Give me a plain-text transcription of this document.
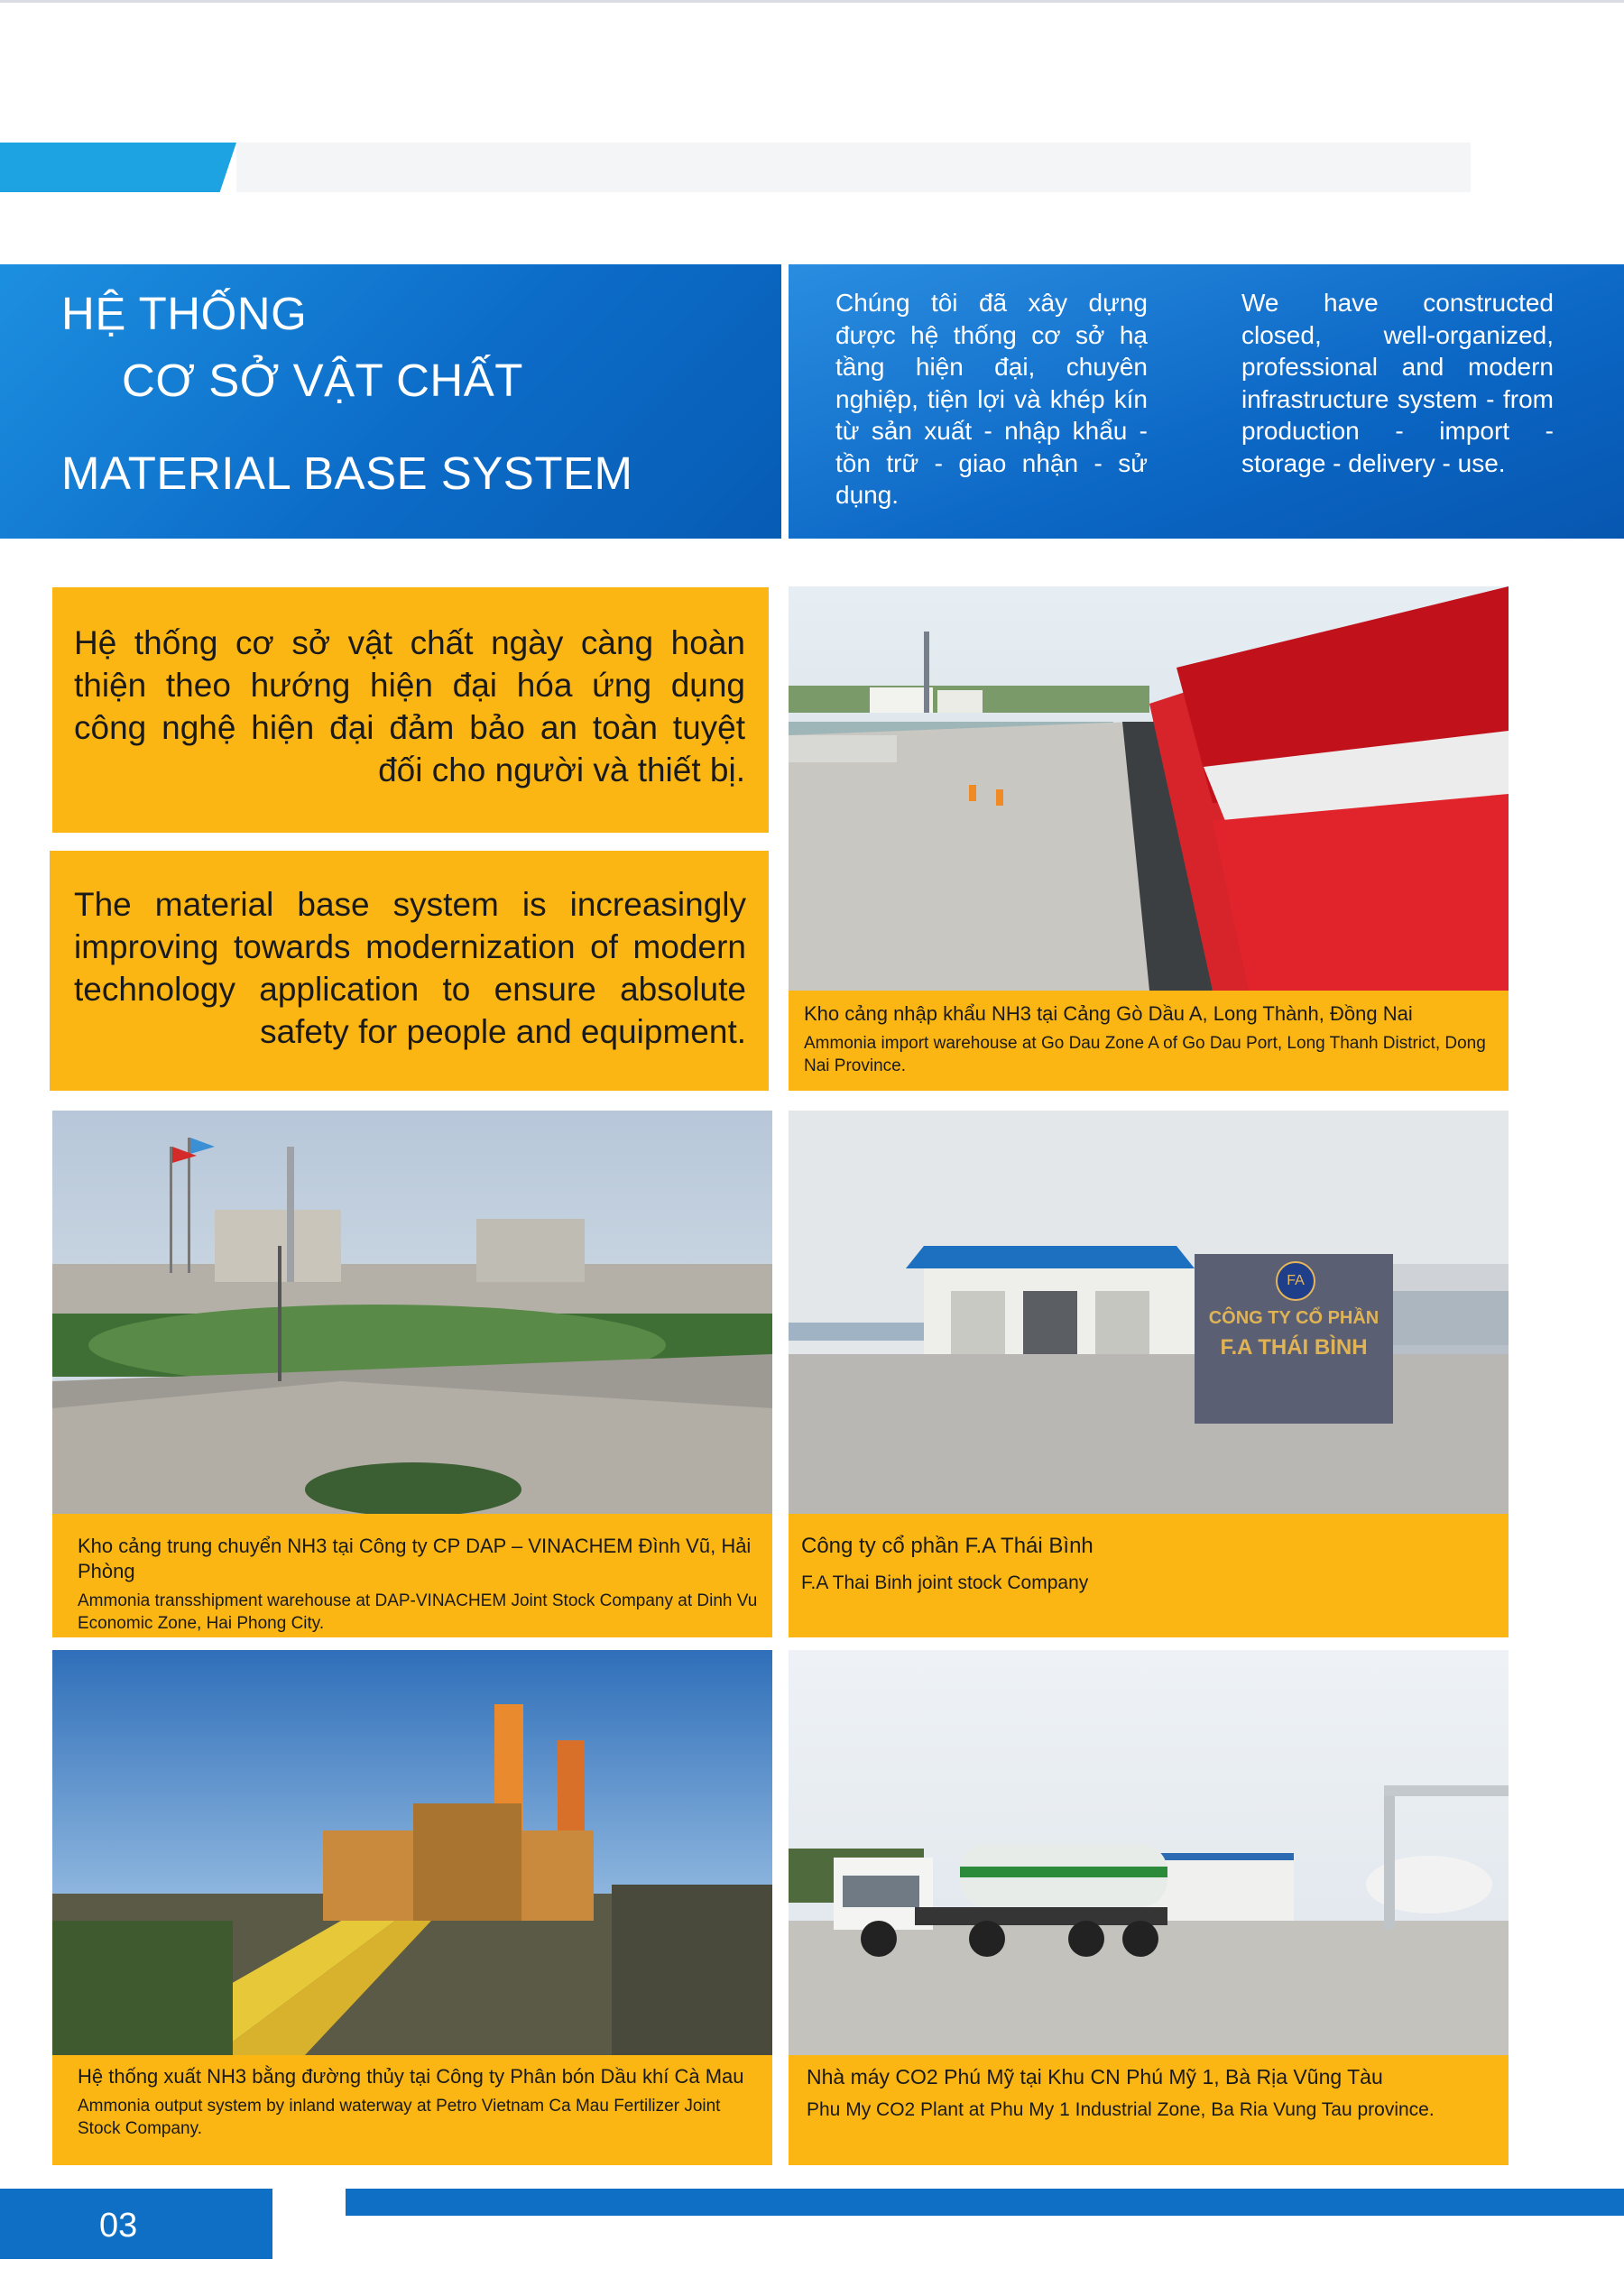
HỆ THỐNG
CƠ SỞ VẬT CHẤT
MATERIAL BASE SYSTEM
Chúng tôi đã xây dựng được hệ thống cơ sở hạ tầng hiện đại, chuyên nghiệp, tiện lợi và khép kín từ sản xuất - nhập khẩu - tồn trữ - giao nhận - sử dụng.
We have constructed closed, well-organized, professional and modern infrastructure system - from production - import - storage - delivery - use.
Hệ thống cơ sở vật chất ngày càng hoàn thiện theo hướng hiện đại hóa ứng dụng công nghệ hiện đại đảm bảo an toàn tuyệt đối cho người và thiết bị.
The material base system is increasingly improving towards modernization of modern technology application to ensure absolute safety for people and equipment.	Kho cảng nhập khẩu NH3 tại Cảng Gò Dầu A, Long Thành, Đồng Nai
Ammonia import warehouse at Go Dau Zone A of Go Dau Port, Long Thanh District, Dong Nai Province.
Kho cảng trung chuyển NH3 tại Công ty CP DAP – VINACHEM Đình Vũ, Hải Phòng
Ammonia transshipment warehouse at DAP-VINACHEM Joint Stock Company at Dinh Vu Economic Zone, Hai Phong City.
FA
CÔNG TY CỔ PHẦN
F.A THÁI BÌNH
Công ty cổ phần F.A Thái Bình
F.A Thai Binh joint stock Company
Hệ thống xuất NH3 bằng đường thủy tại Công ty Phân bón Dầu khí Cà Mau
Ammonia output system by inland waterway at Petro Vietnam Ca Mau Fertilizer Joint Stock Company.
Nhà máy CO2 Phú Mỹ tại Khu CN Phú Mỹ 1, Bà Rịa Vũng Tàu
Phu My CO2 Plant at Phu My 1 Industrial Zone, Ba Ria Vung Tau province.
03
